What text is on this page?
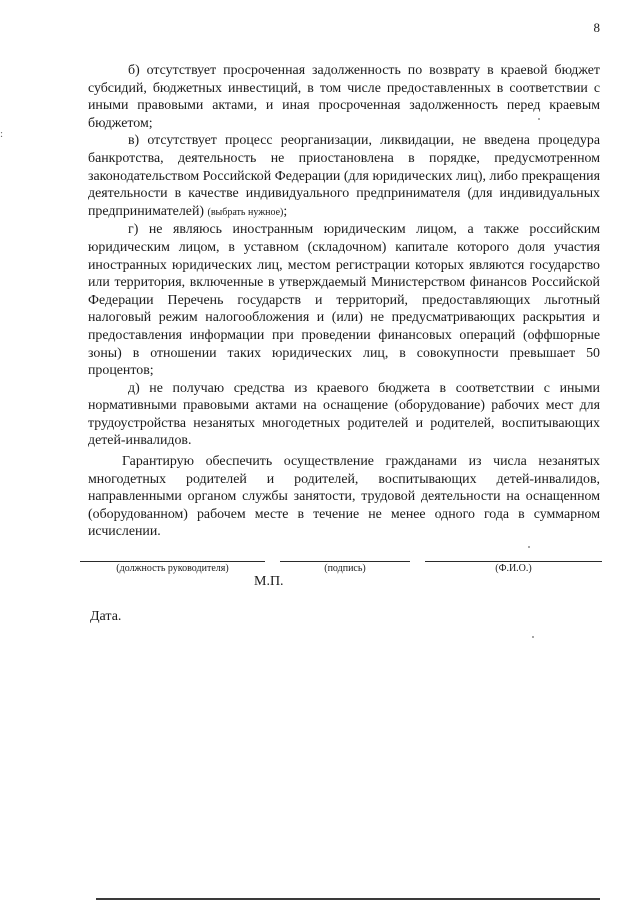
8
:

б) отсутствует просроченная задолженность по возврату в краевой бюджет субсидий, бюджетных инвестиций, в том числе предоставленных в соответствии с иными правовыми актами, и иная просроченная задолженность перед краевым бюджетом;

в) отсутствует процесс реорганизации, ликвидации, не введена процедура банкротства, деятельность не приостановлена в порядке, предусмотренном законодательством Российской Федерации (для юридических лиц), либо прекращения деятельности в качестве индивидуального предпринимателя (для индивидуальных предпринимателей) (выбрать нужное);

г) не являюсь иностранным юридическим лицом, а также российским юридическим лицом, в уставном (складочном) капитале которого доля участия иностранных юридических лиц, местом регистрации которых являются государство или территория, включенные в утверждаемый Министерством финансов Российской Федерации Перечень государств и территорий, предоставляющих льготный налоговый режим налогообложения и (или) не предусматривающих раскрытия и предоставления информации при проведении финансовых операций (оффшорные зоны) в отношении таких юридических лиц, в совокупности превышает 50 процентов;

д) не получаю средства из краевого бюджета в соответствии с иными нормативными правовыми актами на оснащение (оборудование) рабочих мест для трудоустройства незанятых многодетных родителей и родителей, воспитывающих детей-инвалидов.

Гарантирую обеспечить осуществление гражданами из числа незанятых многодетных родителей и родителей, воспитывающих детей-инвалидов, направленными органом службы занятости, трудовой деятельности на оснащенном (оборудованном) рабочем месте в течение не менее одного года в суммарном исчислении.

(должность руководителя)	(подпись)	(Ф.И.О.)
М.П.
Дата.
